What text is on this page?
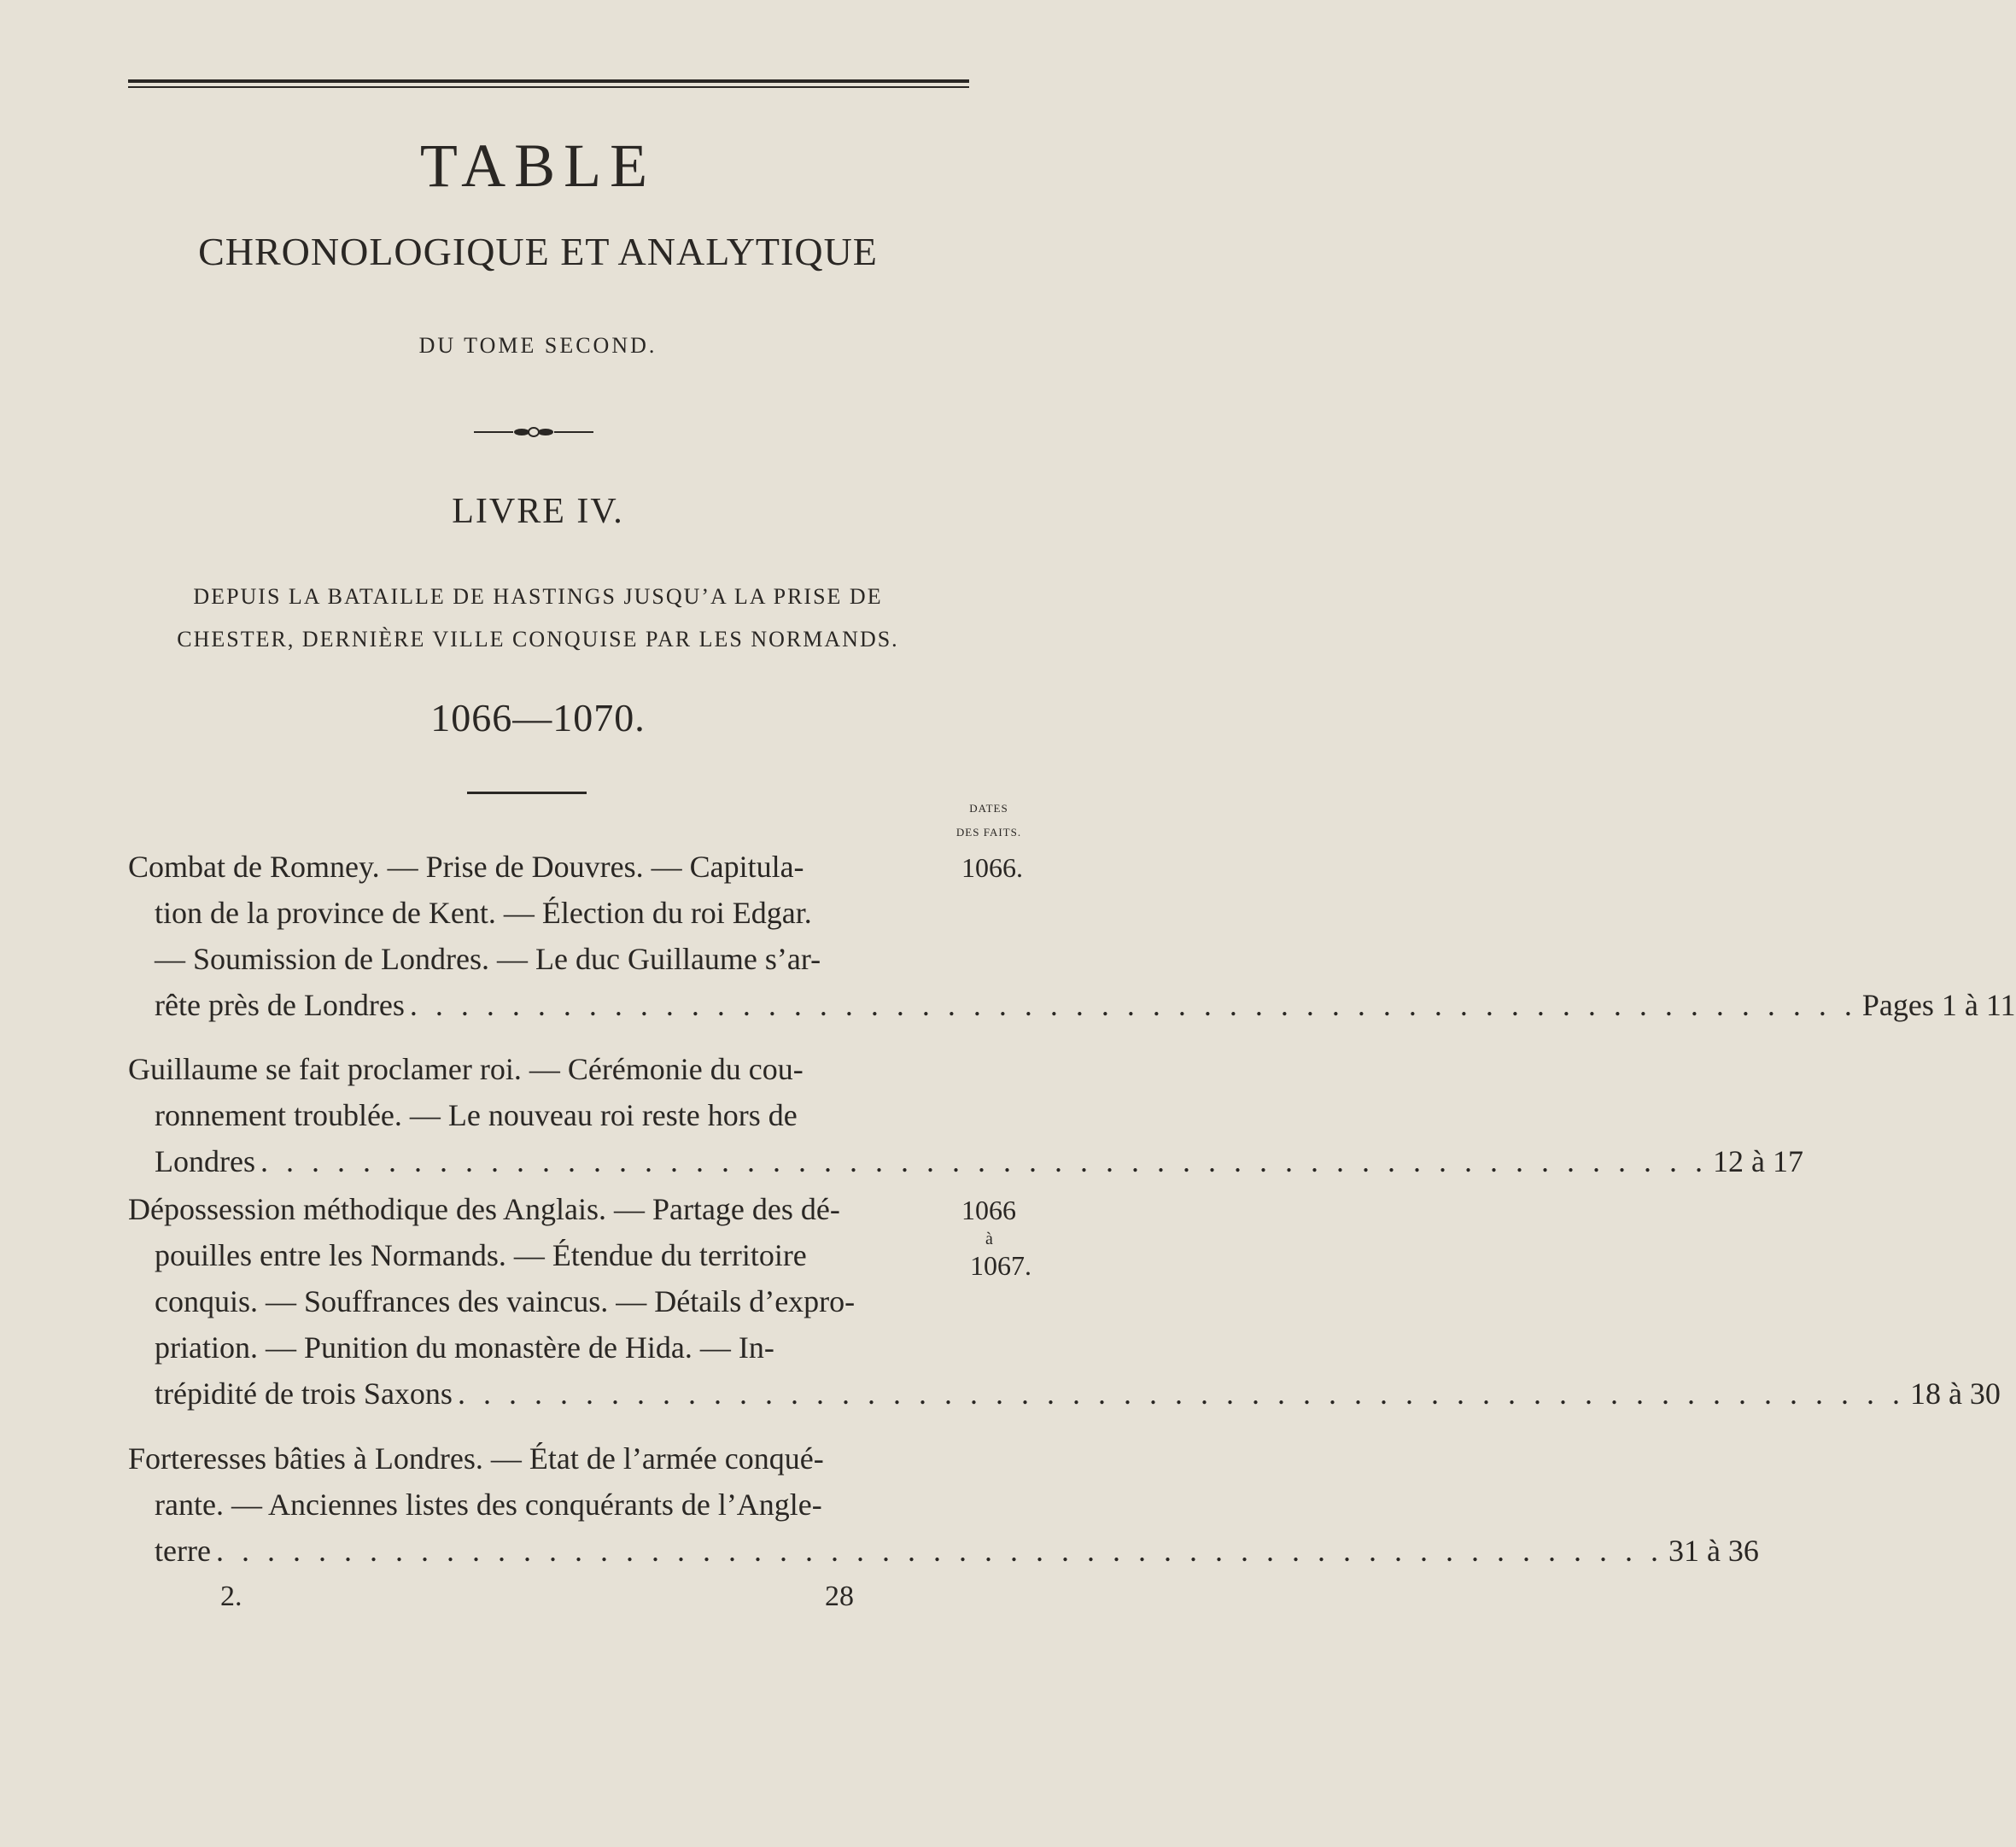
TABLE
CHRONOLOGIQUE ET ANALYTIQUE
DU TOME SECOND.
LIVRE IV.
DEPUIS LA BATAILLE DE HASTINGS JUSQU’A LA PRISE DE
CHESTER, DERNIÈRE VILLE CONQUISE PAR LES NORMANDS.
1066—1070.
DATES
DES FAITS.
Combat de Romney. — Prise de Douvres. — Capitula-
tion de la province de Kent. — Élection du roi Edgar.
— Soumission de Londres. — Le duc Guillaume s’ar-
rête près de Londres . . . . . . . . . . . . . . . . . . . . . . . . . . . . . . . . . . . . . . . . . . . . . . . . . . . . . . . . . Pages 1 à 11
1066.
Guillaume se fait proclamer roi. — Cérémonie du cou-
ronnement troublée. — Le nouveau roi reste hors de
Londres . . . . . . . . . . . . . . . . . . . . . . . . . . . . . . . . . . . . . . . . . . . . . . . . . . . . . . . . . 12 à 17
Dépossession méthodique des Anglais. — Partage des dé-
pouilles entre les Normands. — Étendue du territoire
conquis. — Souffrances des vaincus. — Détails d’expro-
priation. — Punition du monastère de Hida. — In-
trépidité de trois Saxons . . . . . . . . . . . . . . . . . . . . . . . . . . . . . . . . . . . . . . . . . . . . . . . . . . . . . . . . . 18 à 30
1066
à
1067.
Forteresses bâties à Londres. — État de l’armée conqué-
rante. — Anciennes listes des conquérants de l’Angle-
terre . . . . . . . . . . . . . . . . . . . . . . . . . . . . . . . . . . . . . . . . . . . . . . . . . . . . . . . . . 31 à 36
2.	28
